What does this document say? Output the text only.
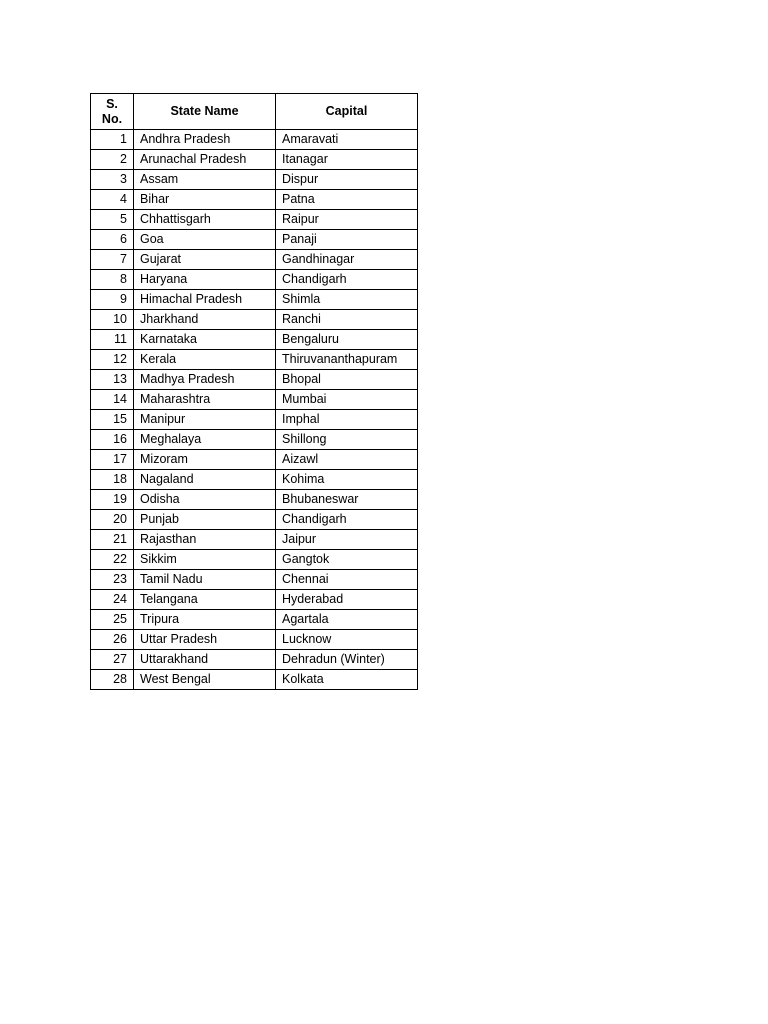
S.
No.	State Name	Capital
1	Andhra Pradesh	Amaravati
2	Arunachal Pradesh	Itanagar
3	Assam	Dispur
4	Bihar	Patna
5	Chhattisgarh	Raipur
6	Goa	Panaji
7	Gujarat	Gandhinagar
8	Haryana	Chandigarh
9	Himachal Pradesh	Shimla
10	Jharkhand	Ranchi
11	Karnataka	Bengaluru
12	Kerala	Thiruvananthapuram
13	Madhya Pradesh	Bhopal
14	Maharashtra	Mumbai
15	Manipur	Imphal
16	Meghalaya	Shillong
17	Mizoram	Aizawl
18	Nagaland	Kohima
19	Odisha	Bhubaneswar
20	Punjab	Chandigarh
21	Rajasthan	Jaipur
22	Sikkim	Gangtok
23	Tamil Nadu	Chennai
24	Telangana	Hyderabad
25	Tripura	Agartala
26	Uttar Pradesh	Lucknow
27	Uttarakhand	Dehradun (Winter)
28	West Bengal	Kolkata
